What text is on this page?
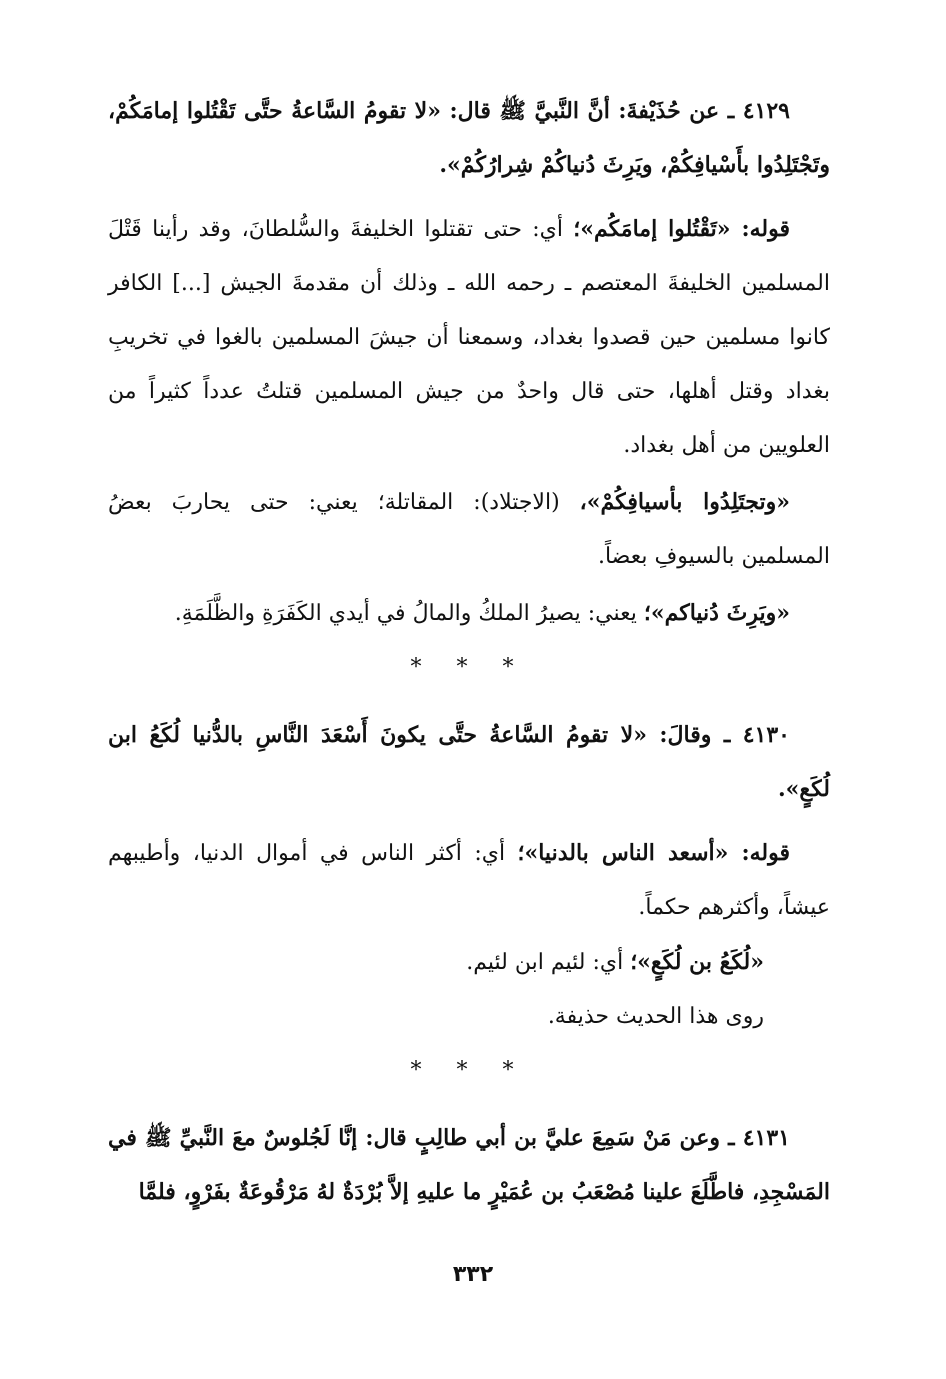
٤١٢٩ ـ عن حُذَيْفةَ: أنَّ النَّبيَّ ﷺ قال: «لا تقومُ السَّاعةُ حتَّى تَقْتُلوا إمامَكُمْ، وتَجْتَلِدُوا بأَسْيافِكُمْ، ويَرِثَ دُنياكُمْ شِرارُكُمْ».

قوله: «تَقْتُلوا إمامَكُم»؛ أي: حتى تقتلوا الخليفةَ والسُّلطانَ، وقد رأينا قَتْلَ المسلمين الخليفةَ المعتصم ـ رحمه الله ـ وذلك أن مقدمةَ الجيش [...] الكافر كانوا مسلمين حين قصدوا بغداد، وسمعنا أن جيشَ المسلمين بالغوا في تخريبِ بغداد وقتل أهلها، حتى قال واحدٌ من جيش المسلمين قتلتُ عدداً كثيراً من العلويين من أهل بغداد.

«وتجتَلِدُوا بأسيافِكُمْ»، (الاجتلاد): المقاتلة؛ يعني: حتى يحاربَ بعضُ المسلمين بالسيوفِ بعضاً.

«ويَرِثَ دُنياكم»؛ يعني: يصيرُ الملكُ والمالُ في أيدي الكَفَرَةِ والظَّلَمَةِ.

* * *

٤١٣٠ ـ وقالَ: «لا تقومُ السَّاعةُ حتَّى يكونَ أَسْعَدَ النَّاسِ بالدُّنيا لُكَعُ ابن لُكَعٍ».

قوله: «أسعد الناس بالدنيا»؛ أي: أكثر الناس في أموال الدنيا، وأطيبهم عيشاً، وأكثرهم حكماً.

«لُكَعُ بن لُكَعٍ»؛ أي: لئيم ابن لئيم.

روى هذا الحديث حذيفة.

* * *

٤١٣١ ـ وعن مَنْ سَمِعَ عليَّ بن أبي طالِبٍ قال: إنَّا لَجُلوسٌ معَ النَّبيِّ ﷺ في المَسْجِدِ، فاطَّلَعَ علينا مُصْعَبُ بن عُمَيْرٍ ما عليهِ إلاَّ بُرْدَةٌ لهُ مَرْقُوعَةٌ بفَرْوٍ، فلمَّا

٣٣٢
